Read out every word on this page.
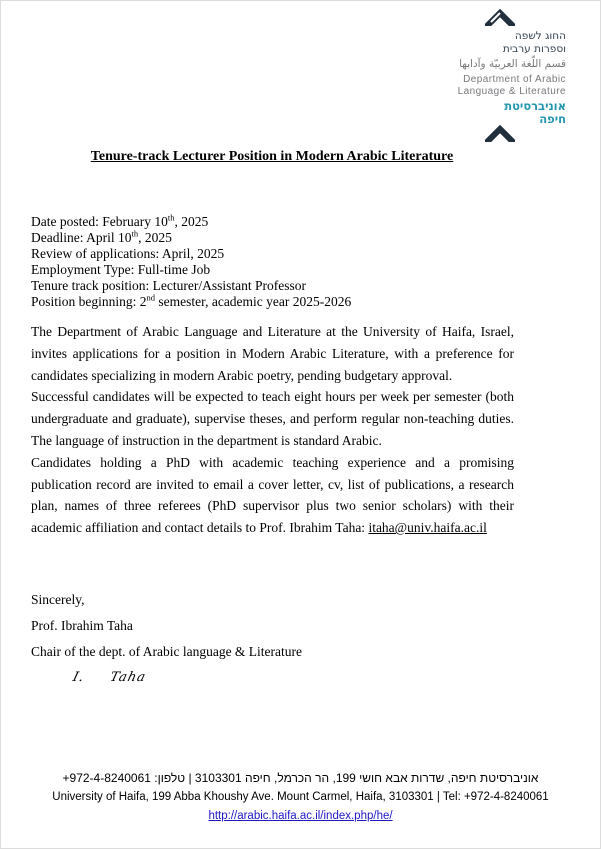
החוג לשפה
וספרות ערבית
قسم اللّغة العربيّة وآدابها
Department of Arabic
Language & Literature
אוניברסיטת
חיפה
Tenure-track Lecturer Position in Modern Arabic Literature
Date posted: February 10th, 2025
Deadline: April 10th, 2025
Review of applications: April, 2025
Employment Type: Full-time Job
Tenure track position: Lecturer/Assistant Professor
Position beginning: 2nd semester, academic year 2025-2026

The Department of Arabic Language and Literature at the University of Haifa, Israel, invites applications for a position in Modern Arabic Literature, with a preference for candidates specializing in modern Arabic poetry, pending budgetary approval.

Successful candidates will be expected to teach eight hours per week per semester (both undergraduate and graduate), supervise theses, and perform regular non-teaching duties. The language of instruction in the department is standard Arabic.

Candidates holding a PhD with academic teaching experience and a promising publication record are invited to email a cover letter, cv, list of publications, a research plan, names of three referees (PhD supervisor plus two senior scholars) with their academic affiliation and contact details to Prof. Ibrahim Taha: itaha@univ.haifa.ac.il

Sincerely,
Prof. Ibrahim Taha
Chair of the dept. of Arabic language & Literature
I. Taha
אוניברסיטת חיפה, שדרות אבא חושי 199, הר הכרמל, חיפה 3103301 | טלפון: +972-4-8240061
University of Haifa, 199 Abba Khoushy Ave. Mount Carmel, Haifa, 3103301 | Tel: +972-4-8240061
http://arabic.haifa.ac.il/index.php/he/
